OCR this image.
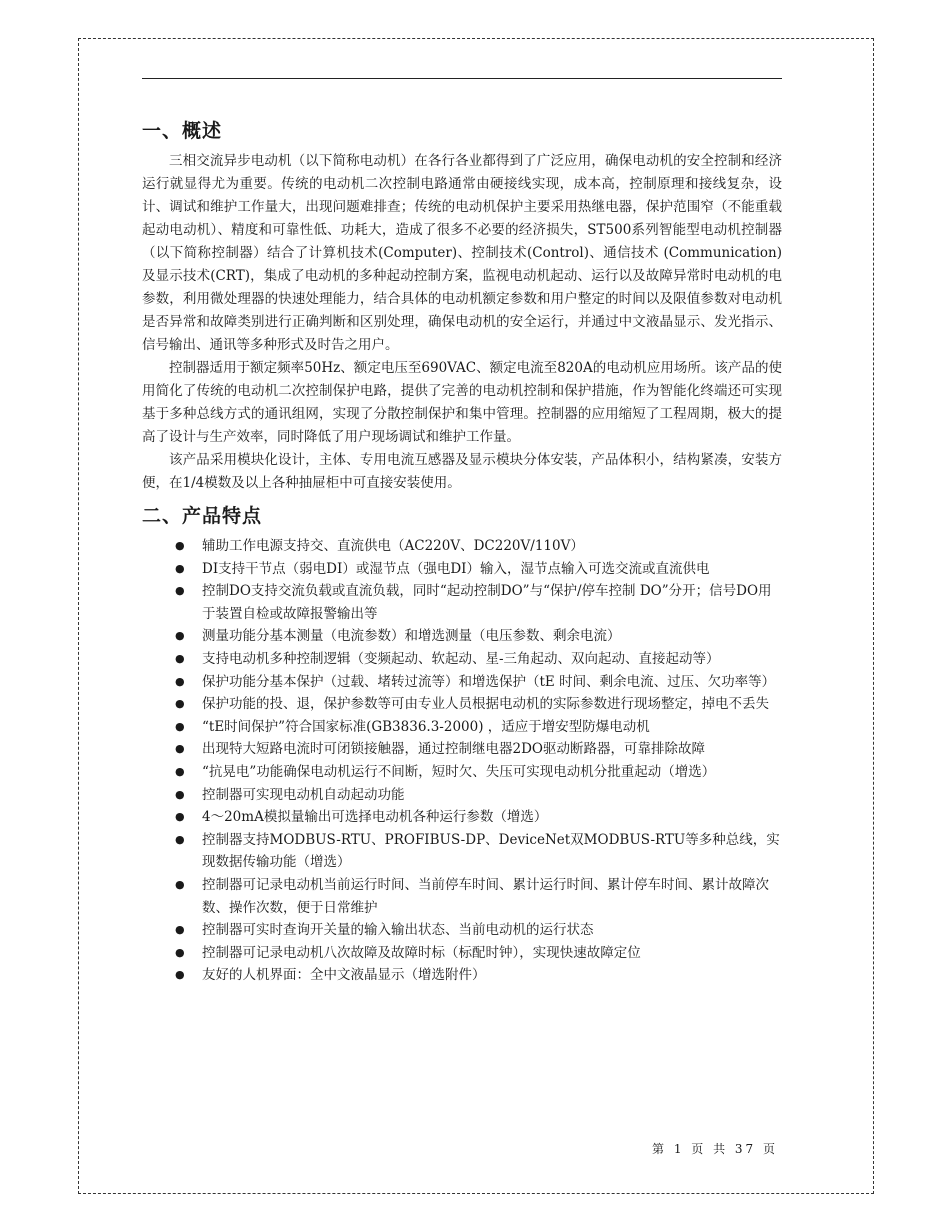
一、概述

三相交流异步电动机（以下简称电动机）在各行各业都得到了广泛应用，确保电动机的安全控制和经济运行就显得尤为重要。传统的电动机二次控制电路通常由硬接线实现，成本高，控制原理和接线复杂，设计、调试和维护工作量大，出现问题难排查；传统的电动机保护主要采用热继电器，保护范围窄（不能重载起动电动机）、精度和可靠性低、功耗大，造成了很多不必要的经济损失，ST500系列智能型电动机控制器（以下简称控制器）结合了计算机技术(Computer)、控制技术(Control)、通信技术 (Communication)及显示技术(CRT)，集成了电动机的多种起动控制方案，监视电动机起动、运行以及故障异常时电动机的电参数，利用微处理器的快速处理能力，结合具体的电动机额定参数和用户整定的时间以及限值参数对电动机是否异常和故障类别进行正确判断和区别处理，确保电动机的安全运行，并通过中文液晶显示、发光指示、信号输出、通讯等多种形式及时告之用户。

控制器适用于额定频率50Hz、额定电压至690VAC、额定电流至820A的电动机应用场所。该产品的使用简化了传统的电动机二次控制保护电路，提供了完善的电动机控制和保护措施，作为智能化终端还可实现基于多种总线方式的通讯组网，实现了分散控制保护和集中管理。控制器的应用缩短了工程周期，极大的提高了设计与生产效率，同时降低了用户现场调试和维护工作量。

该产品采用模块化设计，主体、专用电流互感器及显示模块分体安装，产品体积小，结构紧凑，安装方便，在1/4模数及以上各种抽屉柜中可直接安装使用。

二、产品特点
● 辅助工作电源支持交、直流供电（AC220V、DC220V/110V）
● DI支持干节点（弱电DI）或湿节点（强电DI）输入，湿节点输入可选交流或直流供电
● 控制DO支持交流负载或直流负载，同时“起动控制DO”与“保护/停车控制 DO”分开；信号DO用于装置自检或故障报警输出等
● 测量功能分基本测量（电流参数）和增选测量（电压参数、剩余电流）
● 支持电动机多种控制逻辑（变频起动、软起动、星-三角起动、双向起动、直接起动等）
● 保护功能分基本保护（过载、堵转过流等）和增选保护（tE 时间、剩余电流、过压、欠功率等）
● 保护功能的投、退，保护参数等可由专业人员根据电动机的实际参数进行现场整定，掉电不丢失
● “tE时间保护”符合国家标准(GB3836.3-2000) ，适应于增安型防爆电动机
● 出现特大短路电流时可闭锁接触器，通过控制继电器2DO驱动断路器，可靠排除故障
● “抗晃电”功能确保电动机运行不间断，短时欠、失压可实现电动机分批重起动（增选）
● 控制器可实现电动机自动起动功能
● 4～20mA模拟量输出可选择电动机各种运行参数（增选）
● 控制器支持MODBUS-RTU、PROFIBUS-DP、DeviceNet双MODBUS-RTU等多种总线，实现数据传输功能（增选）
● 控制器可记录电动机当前运行时间、当前停车时间、累计运行时间、累计停车时间、累计故障次数、操作次数，便于日常维护
● 控制器可实时查询开关量的输入输出状态、当前电动机的运行状态
● 控制器可记录电动机八次故障及故障时标（标配时钟），实现快速故障定位
● 友好的人机界面：全中文液晶显示（增选附件）
第 1 页 共 37 页
